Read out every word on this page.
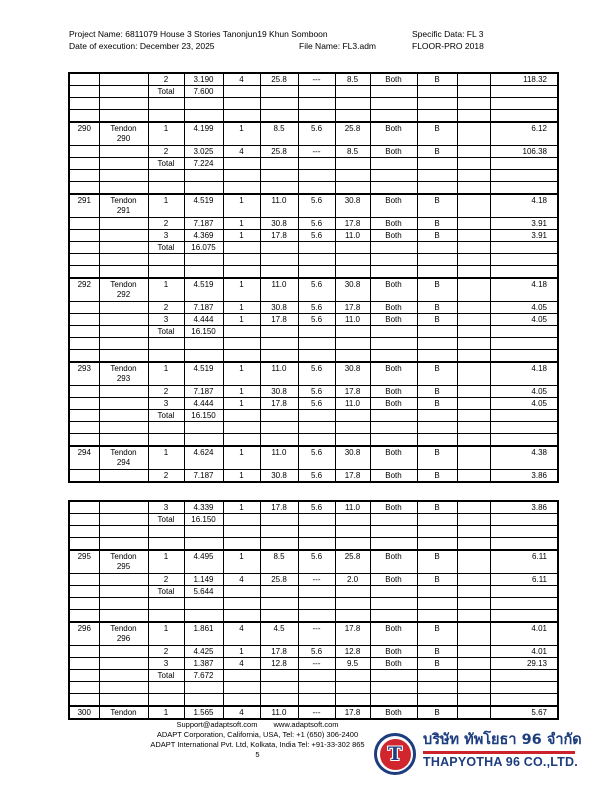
Project Name: 6811079 House 3 Stories Tanonjun19 Khun Somboon
Date of execution: December 23, 2025	File Name: FL3.adm
Specific Data: FL 3
FLOOR-PRO 2018
		2	3.190	4	25.8	---	8.5	Both	B		118.32
		Total	7.600								

290	Tendon 290	1	4.199	1	8.5	5.6	25.8	Both	B		6.12
		2	3.025	4	25.8	---	8.5	Both	B		106.38
		Total	7.224								

291	Tendon 291	1	4.519	1	11.0	5.6	30.8	Both	B		4.18
		2	7.187	1	30.8	5.6	17.8	Both	B		3.91
		3	4.369	1	17.8	5.6	11.0	Both	B		3.91
		Total	16.075								

292	Tendon 292	1	4.519	1	11.0	5.6	30.8	Both	B		4.18
		2	7.187	1	30.8	5.6	17.8	Both	B		4.05
		3	4.444	1	17.8	5.6	11.0	Both	B		4.05
		Total	16.150								

293	Tendon 293	1	4.519	1	11.0	5.6	30.8	Both	B		4.18
		2	7.187	1	30.8	5.6	17.8	Both	B		4.05
		3	4.444	1	17.8	5.6	11.0	Both	B		4.05
		Total	16.150								

294	Tendon 294	1	4.624	1	11.0	5.6	30.8	Both	B		4.38
		2	7.187	1	30.8	5.6	17.8	Both	B		3.86
		3	4.339	1	17.8	5.6	11.0	Both	B		3.86
		Total	16.150								

295	Tendon 295	1	4.495	1	8.5	5.6	25.8	Both	B		6.11
		2	1.149	4	25.8	---	2.0	Both	B		6.11
		Total	5.644								

296	Tendon 296	1	1.861	4	4.5	---	17.8	Both	B		4.01
		2	4.425	1	17.8	5.6	12.8	Both	B		4.01
		3	1.387	4	12.8	---	9.5	Both	B		29.13
		Total	7.672								

300	Tendon	1	1.565	4	11.0	---	17.8	Both	B		5.67
Support@adaptsoft.com www.adaptsoft.com
ADAPT Corporation, California, USA, Tel: +1 (650) 306-2400
ADAPT International Pvt. Ltd, Kolkata, India Tel: +91-33-302 865
5	T
บริษัท ทัพโยธา 96 จำกัด
THAPYOTHA 96 CO.,LTD.
